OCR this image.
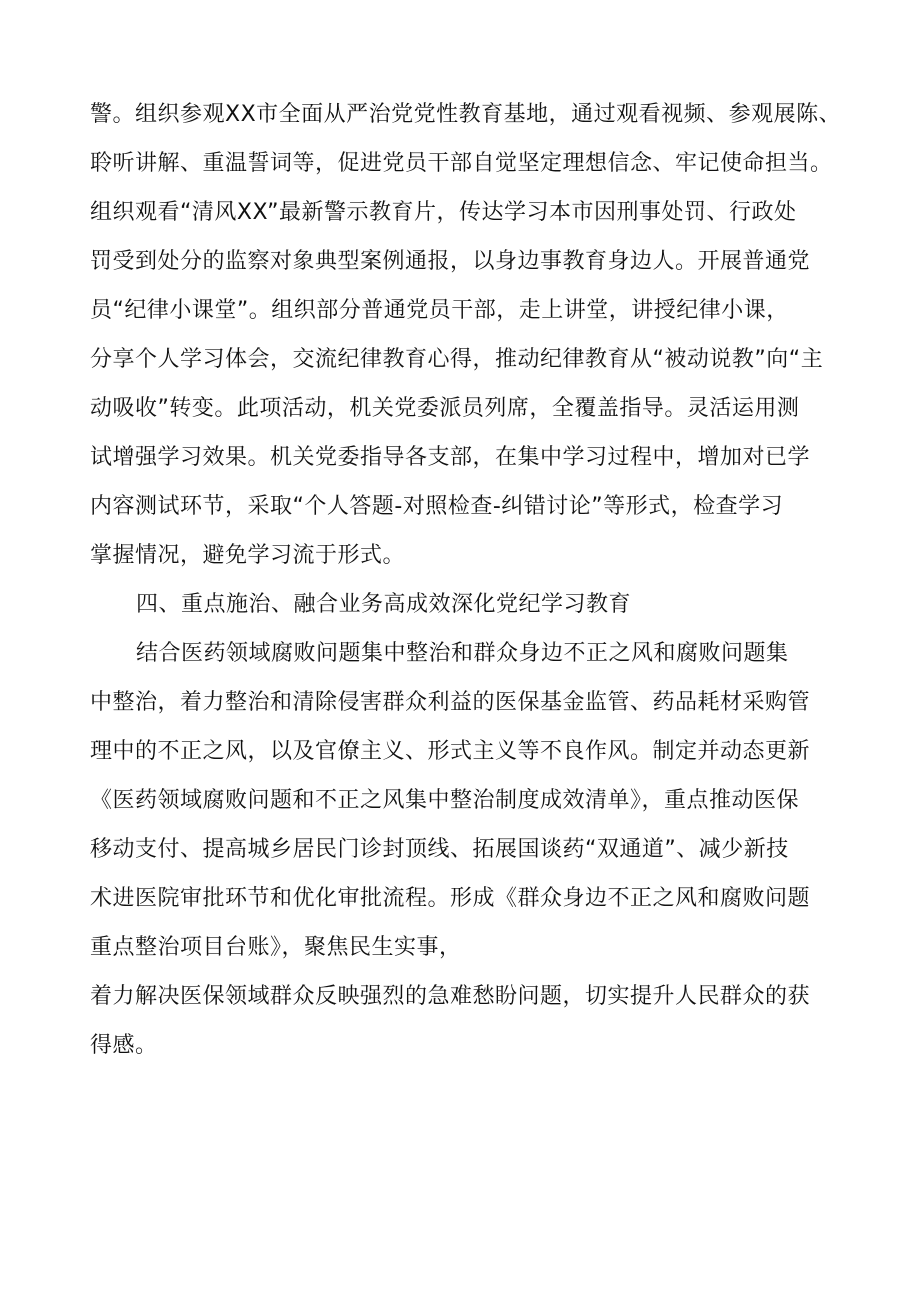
警。组织参观XX市全面从严治党党性教育基地，通过观看视频、参观展陈、
聆听讲解、重温誓词等，促进党员干部自觉坚定理想信念、牢记使命担当。
组织观看“清风XX”最新警示教育片，传达学习本市因刑事处罚、行政处
罚受到处分的监察对象典型案例通报，以身边事教育身边人。开展普通党
员“纪律小课堂”。组织部分普通党员干部，走上讲堂，讲授纪律小课，
分享个人学习体会，交流纪律教育心得，推动纪律教育从“被动说教”向“主
动吸收”转变。此项活动，机关党委派员列席，全覆盖指导。灵活运用测
试增强学习效果。机关党委指导各支部，在集中学习过程中，增加对已学
内容测试环节，采取“个人答题-对照检查-纠错讨论”等形式，检查学习
掌握情况，避免学习流于形式。
四、重点施治、融合业务高成效深化党纪学习教育
结合医药领域腐败问题集中整治和群众身边不正之风和腐败问题集
中整治，着力整治和清除侵害群众利益的医保基金监管、药品耗材采购管
理中的不正之风，以及官僚主义、形式主义等不良作风。制定并动态更新
《医药领域腐败问题和不正之风集中整治制度成效清单》，重点推动医保
移动支付、提高城乡居民门诊封顶线、拓展国谈药“双通道”、减少新技
术进医院审批环节和优化审批流程。形成《群众身边不正之风和腐败问题
重点整治项目台账》，聚焦民生实事，
着力解决医保领域群众反映强烈的急难愁盼问题，切实提升人民群众的获
得感。
